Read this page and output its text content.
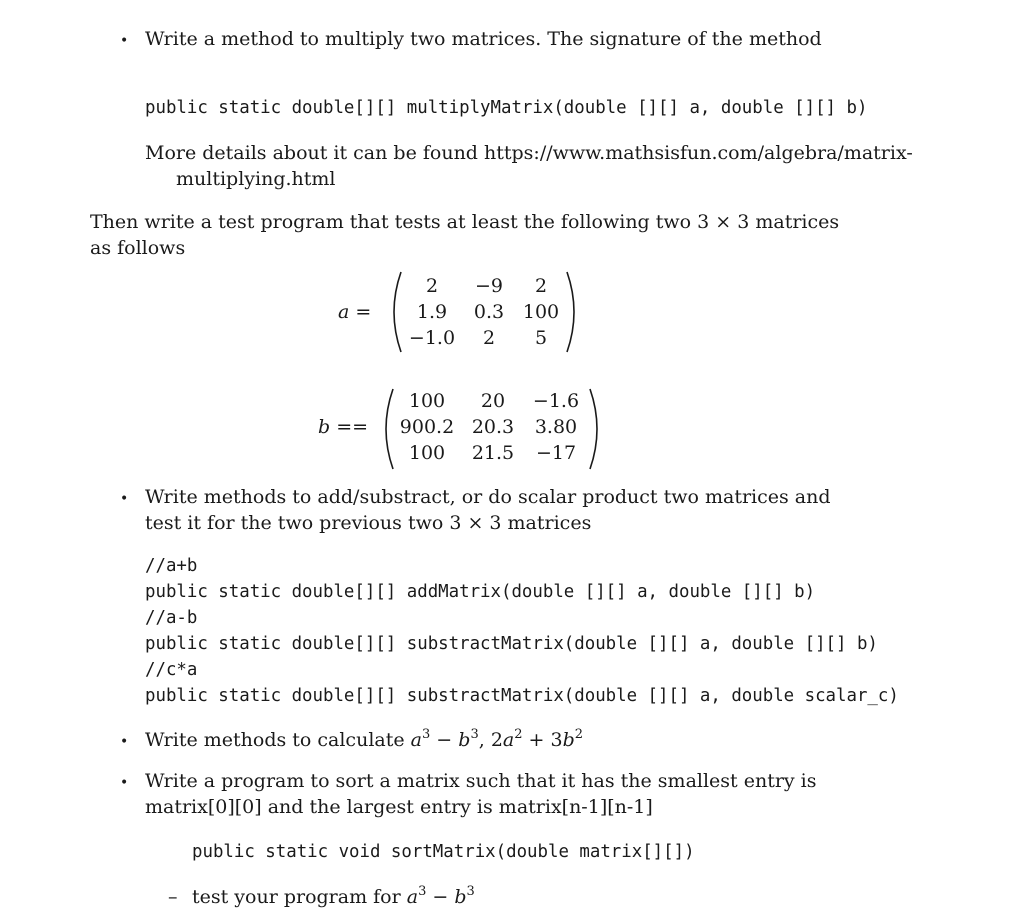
• Write a method to multiply two matrices. The signature of the method
public static double[][] multiplyMatrix(double [][] a, double [][] b)
More details about it can be found https://www.mathsisfun.com/algebra/matrix-
multiplying.html
Then write a test program that tests at least the following two 3 × 3 matrices
as follows
a =
2	−9	2
1.9	0.3 100
−1.0	2	5
b ==
100	20	−1.6
900.2 20.3	3.80
100	21.5	−17
• Write methods to add/substract, or do scalar product two matrices and
test it for the two previous two 3 × 3 matrices
//a+b
public static double[][] addMatrix(double [][] a, double [][] b)
//a-b
public static double[][] substractMatrix(double [][] a, double [][] b)
//c*a
public static double[][] substractMatrix(double [][] a, double scalar_c)
• Write methods to calculate $a^3 - b^3$, $2a^2 + 3b^2$
• Write a program to sort a matrix such that it has the smallest entry is
matrix[0][0] and the largest entry is matrix[n-1][n-1]
public static void sortMatrix(double matrix[][])
– test your program for $a^3 - b^3$
